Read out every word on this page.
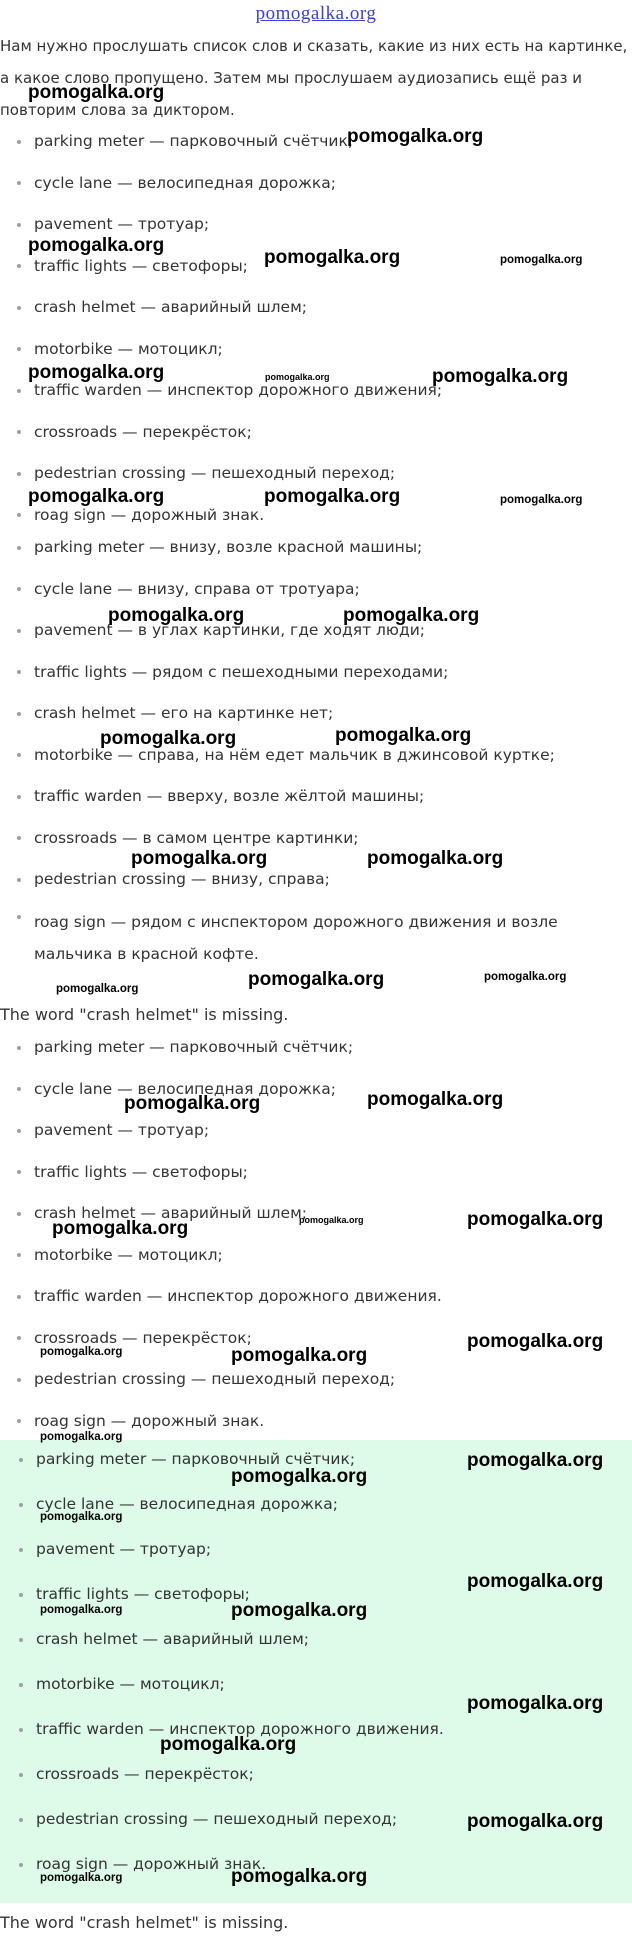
pomogalka.org
Нам нужно прослушать список слов и сказать, какие из них есть на картинке, а какое слово пропущено. Затем мы прослушаем аудиозапись ещё раз и повторим слова за диктором.
parking meter — парковочный счётчик;
cycle lane — велосипедная дорожка;
pavement — тротуар;
traffic lights — светофоры;
crash helmet — аварийный шлем;
motorbike — мотоцикл;
traffic warden — инспектор дорожного движения;
crossroads — перекрёсток;
pedestrian crossing — пешеходный переход;
roag sign — дорожный знак.
parking meter — внизу, возле красной машины;
cycle lane — внизу, справа от тротуара;
pavement — в углах картинки, где ходят люди;
traffic lights — рядом с пешеходными переходами;
crash helmet — его на картинке нет;
motorbike — справа, на нём едет мальчик в джинсовой куртке;
traffic warden — вверху, возле жёлтой машины;
crossroads — в самом центре картинки;
pedestrian crossing — внизу, справа;
roag sign — рядом с инспектором дорожного движения и возле мальчика в красной кофте.
The word "crash helmet" is missing.
parking meter — парковочный счётчик;
cycle lane — велосипедная дорожка;
pavement — тротуар;
traffic lights — светофоры;
crash helmet — аварийный шлем;
motorbike — мотоцикл;
traffic warden — инспектор дорожного движения.
crossroads — перекрёсток;
pedestrian crossing — пешеходный переход;
roag sign — дорожный знак.
parking meter — парковочный счётчик;
cycle lane — велосипедная дорожка;
pavement — тротуар;
traffic lights — светофоры;
crash helmet — аварийный шлем;
motorbike — мотоцикл;
traffic warden — инспектор дорожного движения.
crossroads — перекрёсток;
pedestrian crossing — пешеходный переход;
roag sign — дорожный знак.
The word "crash helmet" is missing.
pomogalka.org
pomogalka.org
pomogalka.org
pomogalka.org	pomogalka.org
pomogalka.org	pomogalka.org	pomogalka.org
pomogalka.org	pomogalka.org	pomogalka.org
pomogalka.org	pomogalka.org
pomogalka.org	pomogalka.org
pomogalka.org	pomogalka.org
pomogalka.org	pomogalka.org	pomogalka.org
pomogalka.org	pomogalka.org
pomogalka.org
pomogalka.org	pomogalka.org
pomogalka.org	pomogalka.org
pomogalka.org
pomogalka.org
pomogalka.org
pomogalka.org
pomogalka.org
pomogalka.org
pomogalka.org	pomogalka.org
pomogalka.org
pomogalka.org
pomogalka.org
pomogalka.org	pomogalka.org
